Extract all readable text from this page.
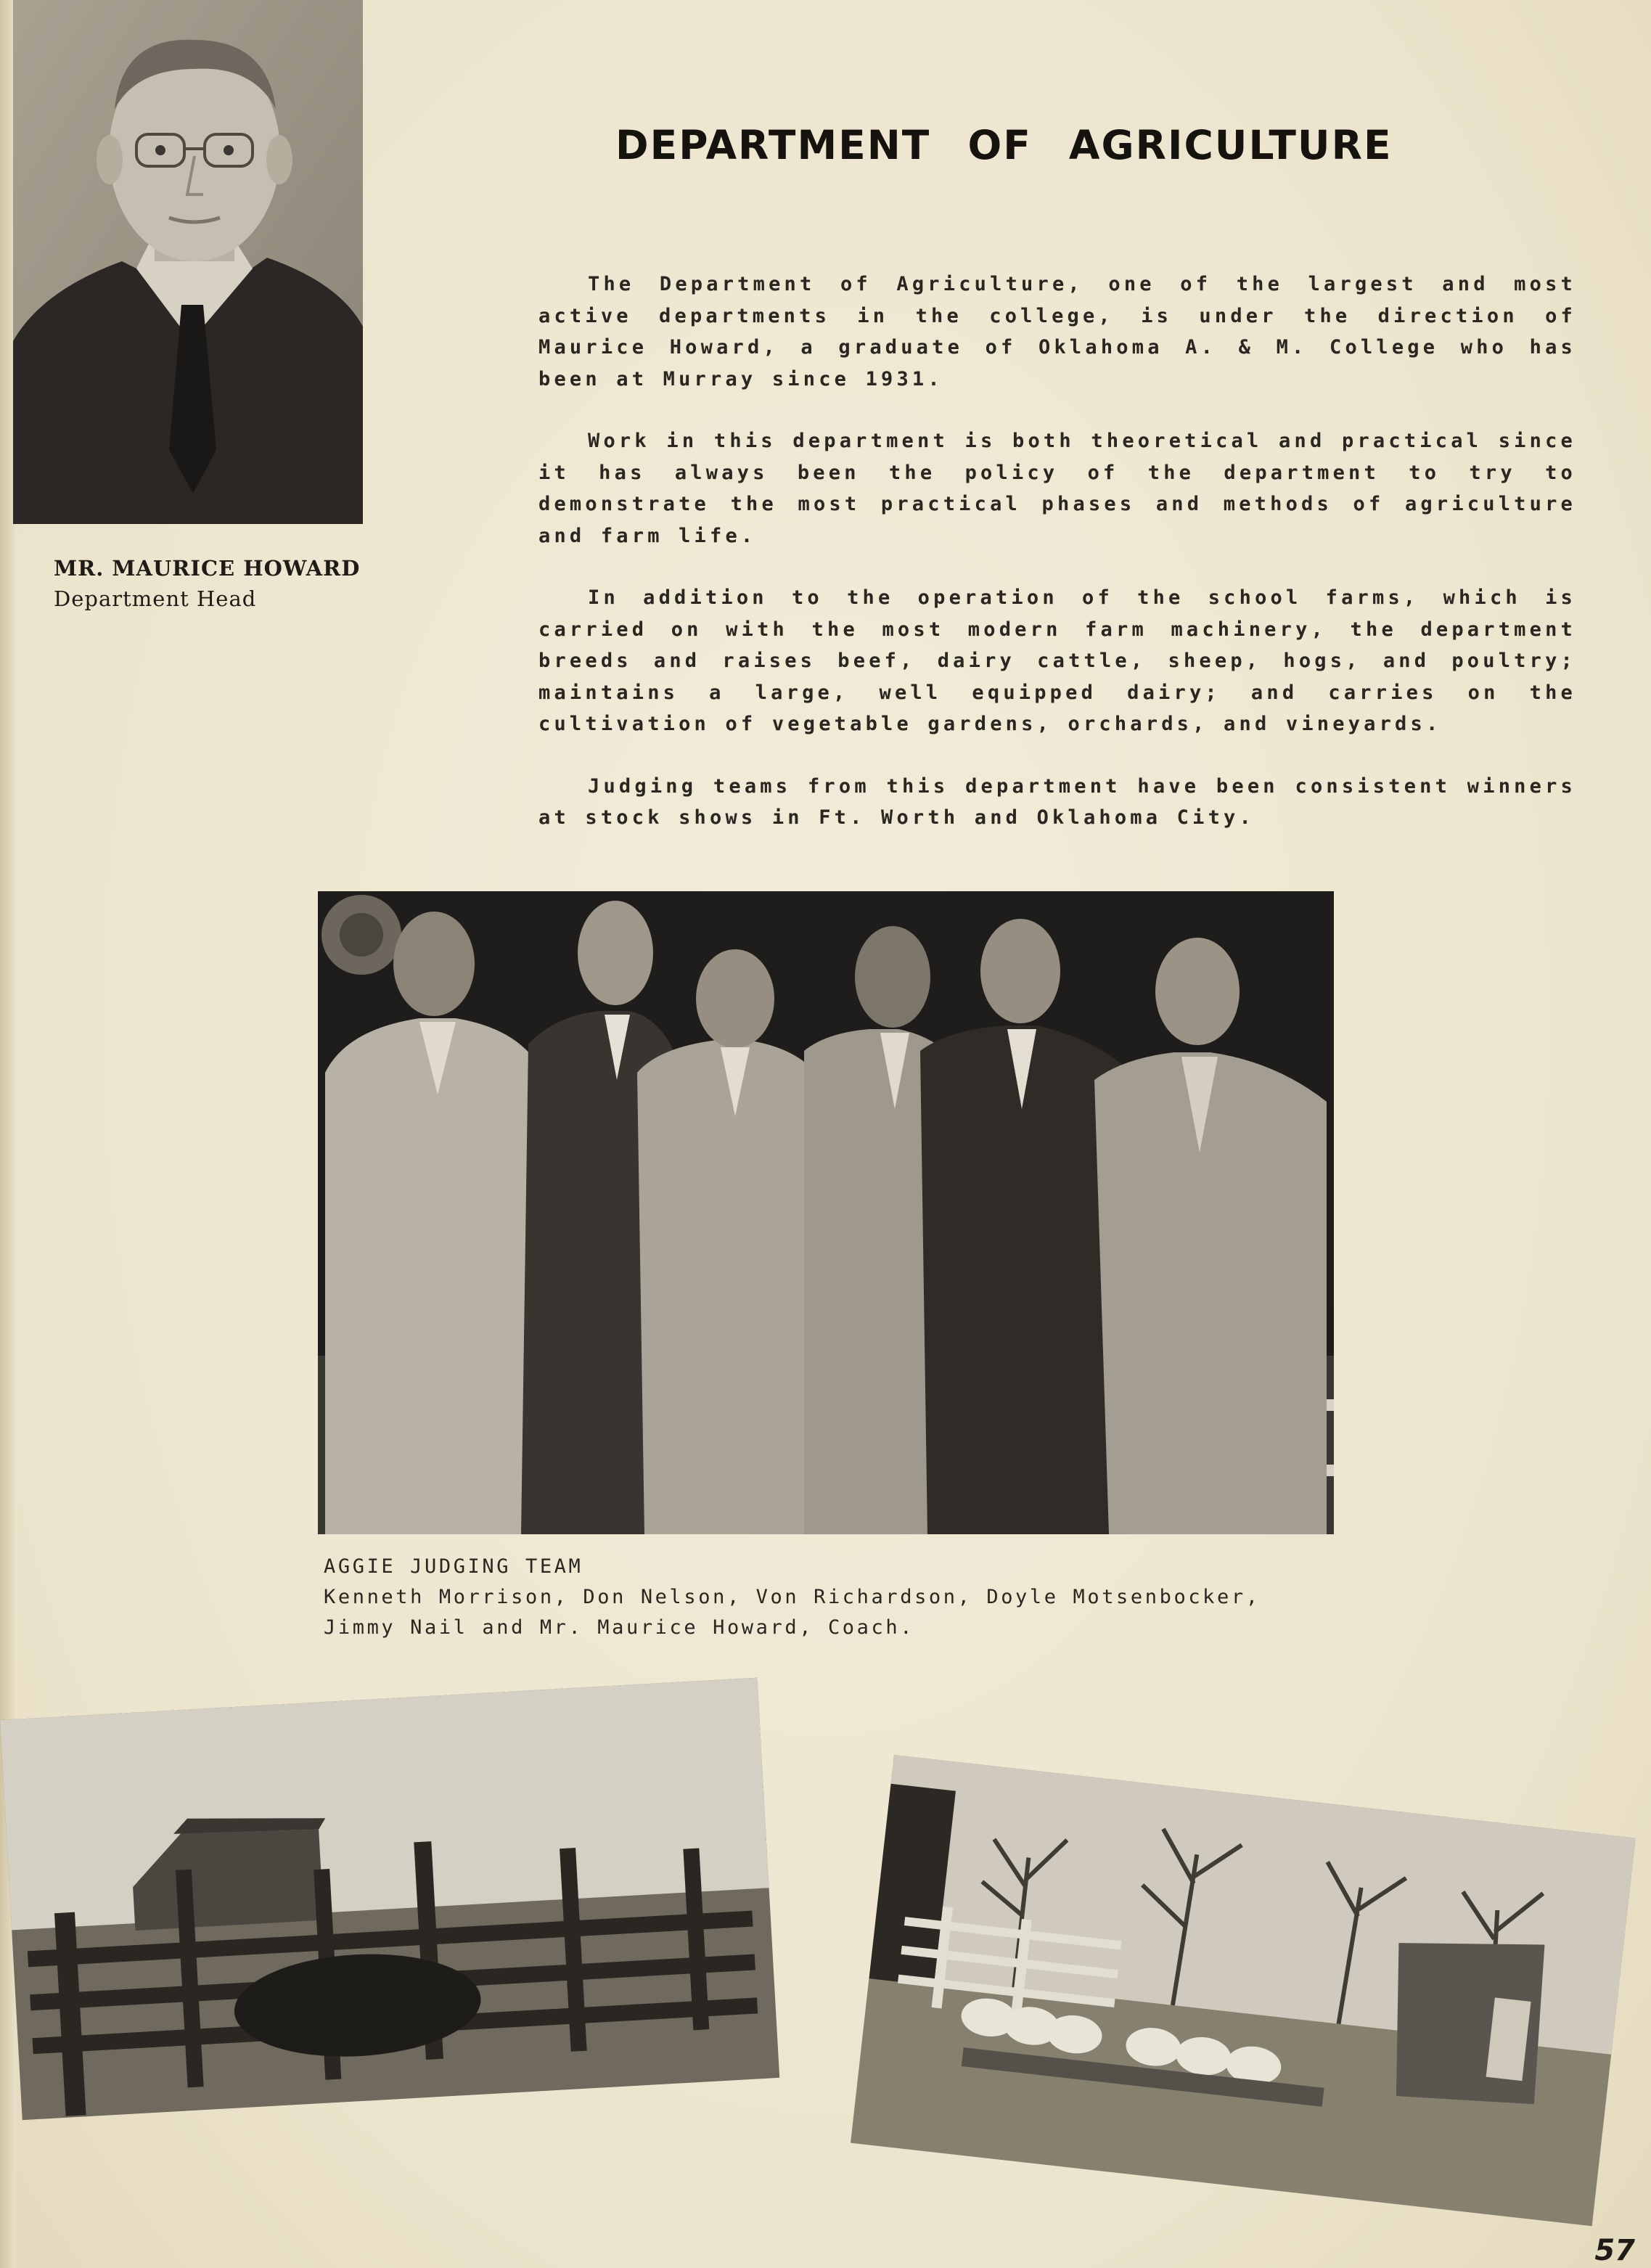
MR. MAURICE HOWARD
Department Head
DEPARTMENT OF AGRICULTURE

The Department of Agriculture, one of the largest and most active departments in the college, is under the direction of Maurice Howard, a graduate of Oklahoma A. & M. College who has been at Murray since 1931.

Work in this department is both theoretical and practical since it has always been the policy of the department to try to demonstrate the most practical phases and methods of agriculture and farm life.

In addition to the operation of the school farms, which is carried on with the most modern farm machinery, the department breeds and raises beef, dairy cattle, sheep, hogs, and poultry; maintains a large, well equipped dairy; and carries on the cultivation of vegetable gardens, orchards, and vineyards.

Judging teams from this department have been consistent winners at stock shows in Ft. Worth and Oklahoma City.

AGGIE JUDGING TEAM
Kenneth Morrison, Don Nelson, Von Richardson, Doyle Motsenbocker,
Jimmy Nail and Mr. Maurice Howard, Coach.
57
